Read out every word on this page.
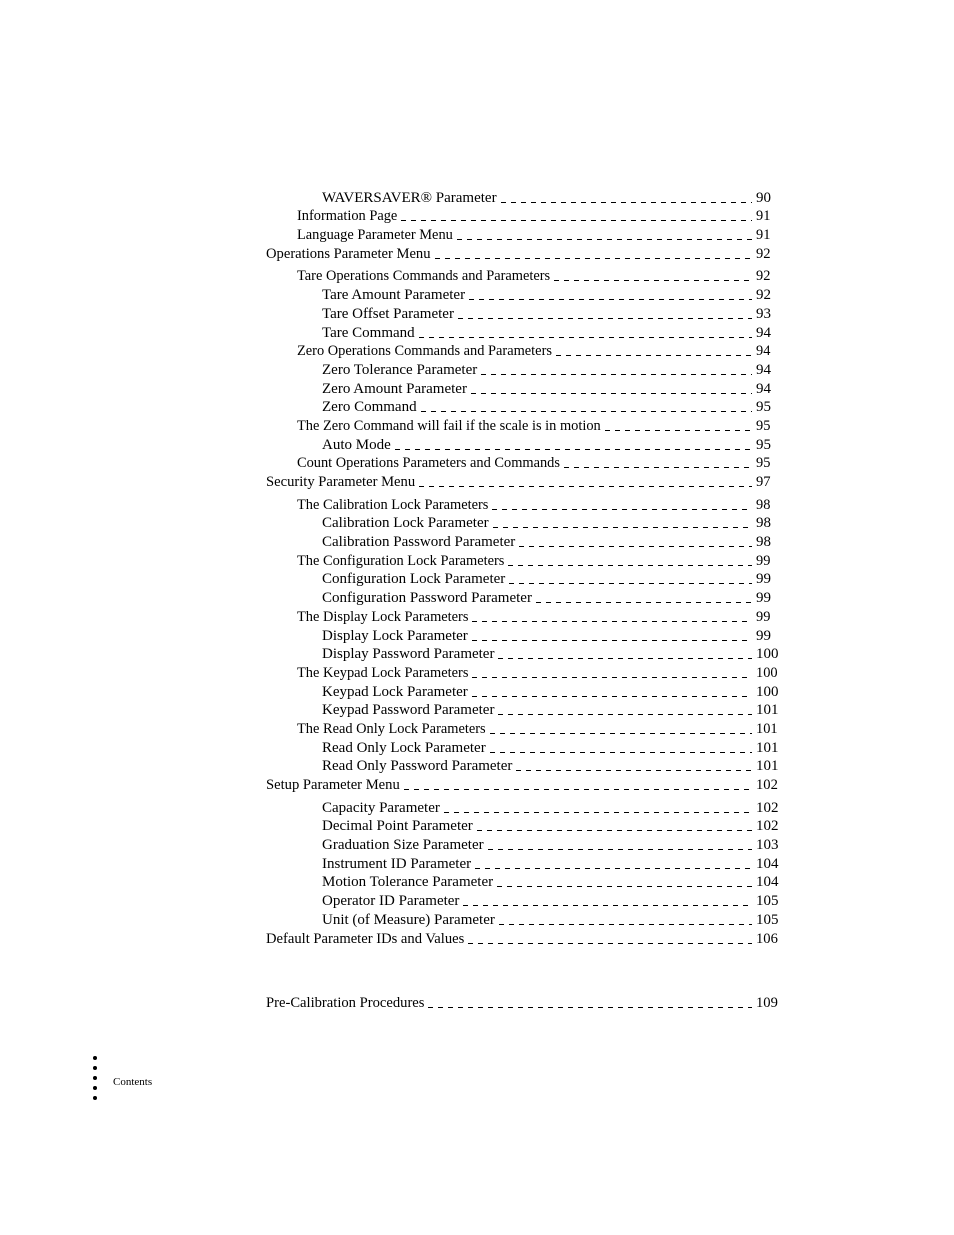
WAVERSAVER® Parameter	90
Information Page	91
Language Parameter Menu	91
Operations Parameter Menu	92
Tare Operations Commands and Parameters	92
Tare Amount Parameter	92
Tare Offset Parameter	93
Tare Command	94
Zero Operations Commands and Parameters	94
Zero Tolerance Parameter	94
Zero Amount Parameter	94
Zero Command	95
The Zero Command will fail if the scale is in motion	95
Auto Mode	95
Count Operations Parameters and Commands	95
Security Parameter Menu	97
The Calibration Lock Parameters	98
Calibration Lock Parameter	98
Calibration Password Parameter	98
The Configuration Lock Parameters	99
Configuration Lock Parameter	99
Configuration Password Parameter	99
The Display Lock Parameters	99
Display Lock Parameter	99
Display Password Parameter	100
The Keypad Lock Parameters	100
Keypad Lock Parameter	100
Keypad Password Parameter	101
The Read Only Lock Parameters	101
Read Only Lock Parameter	101
Read Only Password Parameter	101
Setup Parameter Menu	102
Capacity Parameter	102
Decimal Point Parameter	102
Graduation Size Parameter	103
Instrument ID Parameter	104
Motion Tolerance Parameter	104
Operator ID Parameter	105
Unit (of Measure) Parameter	105
Default Parameter IDs and Values	106
Pre-Calibration Procedures	109
Contents
